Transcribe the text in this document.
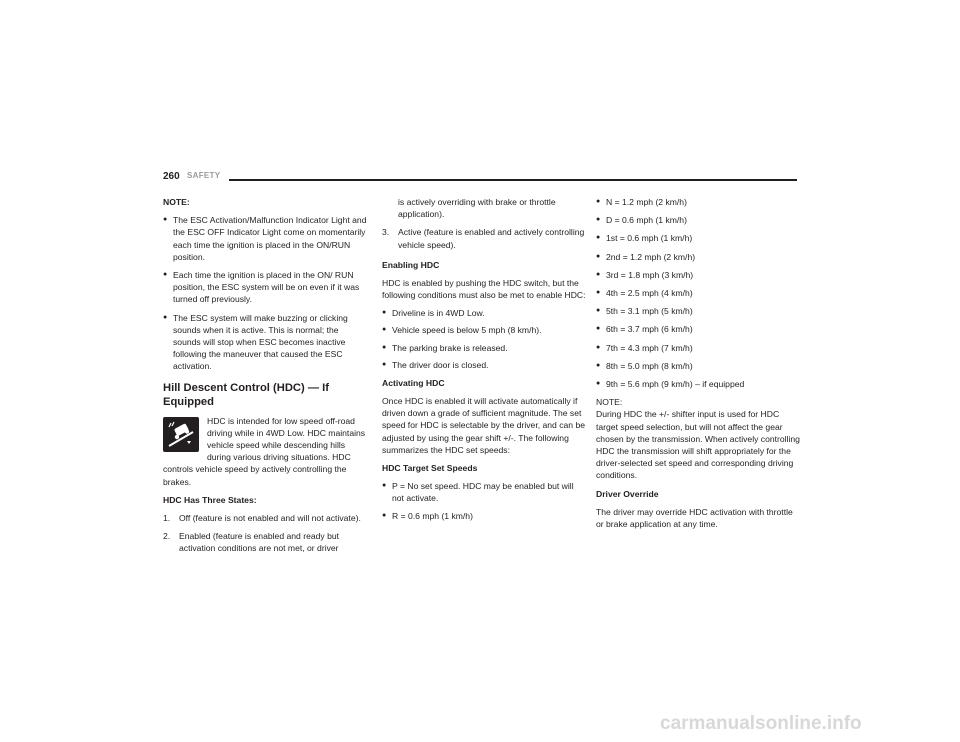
260 SAFETY

NOTE:

● The ESC Activation/Malfunction Indicator Light and the ESC OFF Indicator Light come on momentarily each time the ignition is placed in the ON/RUN position.

● Each time the ignition is placed in the ON/ RUN position, the ESC system will be on even if it was turned off previously.

● The ESC system will make buzzing or clicking sounds when it is active. This is normal; the sounds will stop when ESC becomes inactive following the maneuver that caused the ESC activation.

Hill Descent Control (HDC) — If Equipped

HDC is intended for low speed off-road driving while in 4WD Low. HDC maintains vehicle speed while descending hills during various driving situations. HDC controls vehicle speed by actively controlling the brakes.

HDC Has Three States:

1. Off (feature is not enabled and will not activate).

2. Enabled (feature is enabled and ready but activation conditions are not met, or driver

is actively overriding with brake or throttle application).

3. Active (feature is enabled and actively controlling vehicle speed).

Enabling HDC

HDC is enabled by pushing the HDC switch, but the following conditions must also be met to enable HDC:

● Driveline is in 4WD Low.

● Vehicle speed is below 5 mph (8 km/h).

● The parking brake is released.

● The driver door is closed.

Activating HDC

Once HDC is enabled it will activate automatically if driven down a grade of sufficient magnitude. The set speed for HDC is selectable by the driver, and can be adjusted by using the gear shift +/-. The following summarizes the HDC set speeds:

HDC Target Set Speeds

● P = No set speed. HDC may be enabled but will not activate.

● R = 0.6 mph (1 km/h)

● N = 1.2 mph (2 km/h)

● D = 0.6 mph (1 km/h)

● 1st = 0.6 mph (1 km/h)

● 2nd = 1.2 mph (2 km/h)

● 3rd = 1.8 mph (3 km/h)

● 4th = 2.5 mph (4 km/h)

● 5th = 3.1 mph (5 km/h)

● 6th = 3.7 mph (6 km/h)

● 7th = 4.3 mph (7 km/h)

● 8th = 5.0 mph (8 km/h)

● 9th = 5.6 mph (9 km/h) – if equipped

NOTE:

During HDC the +/- shifter input is used for HDC target speed selection, but will not affect the gear chosen by the transmission. When actively controlling HDC the transmission will shift appropriately for the driver-selected set speed and corresponding driving conditions.

Driver Override

The driver may override HDC activation with throttle or brake application at any time.

carmanualsonline.info
